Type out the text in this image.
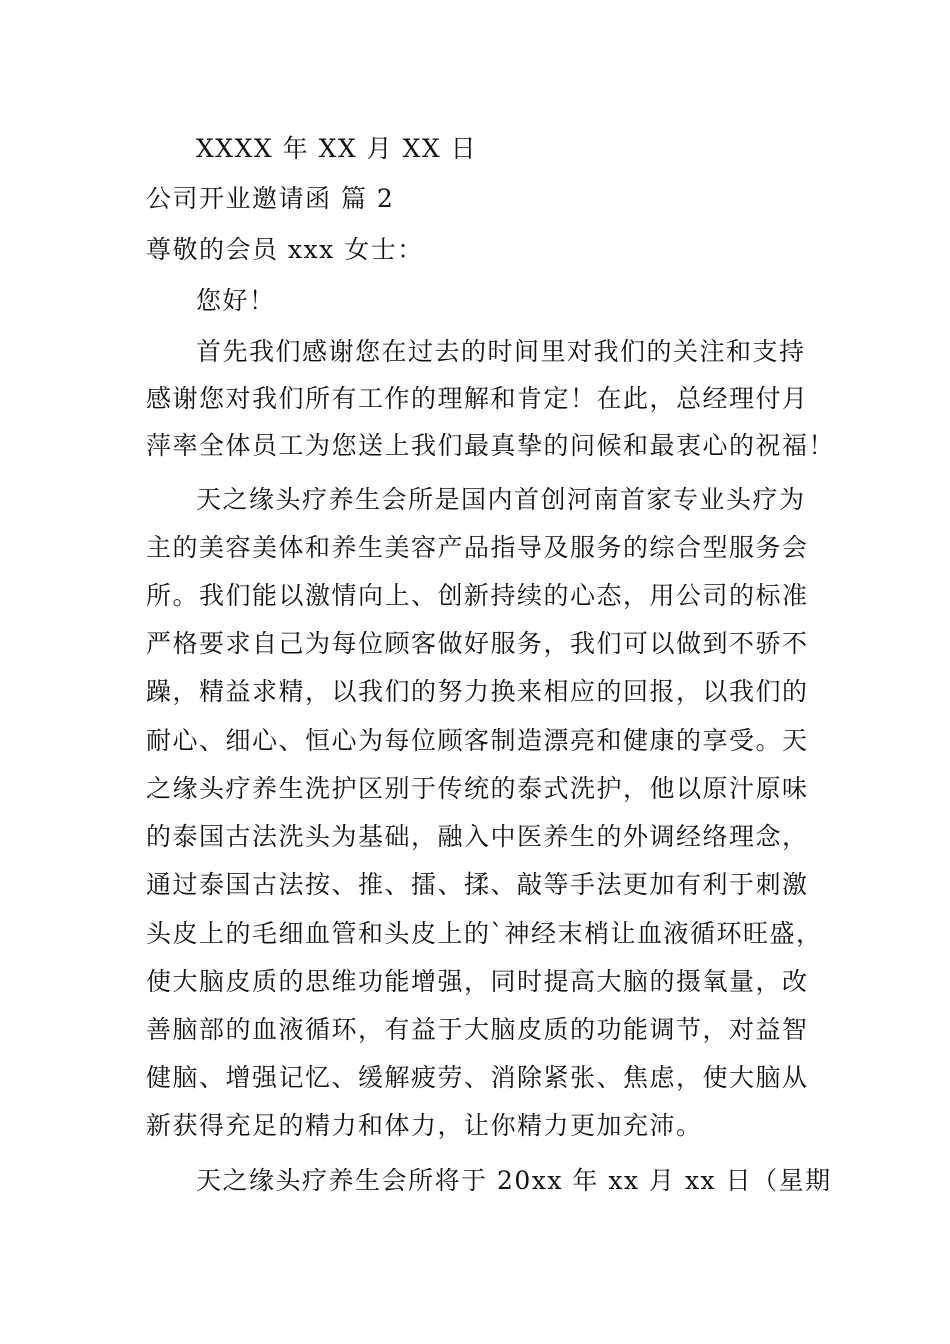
XXXX 年 XX 月 XX 日
公司开业邀请函 篇 2
尊敬的会员 xxx 女士：
您好！
首先我们感谢您在过去的时间里对我们的关注和支持
感谢您对我们所有工作的理解和肯定！在此，总经理付月
萍率全体员工为您送上我们最真挚的问候和最衷心的祝福！
天之缘头疗养生会所是国内首创河南首家专业头疗为
主的美容美体和养生美容产品指导及服务的综合型服务会
所。我们能以激情向上、创新持续的心态，用公司的标准
严格要求自己为每位顾客做好服务，我们可以做到不骄不
躁，精益求精，以我们的努力换来相应的回报，以我们的
耐心、细心、恒心为每位顾客制造漂亮和健康的享受。天
之缘头疗养生洗护区别于传统的泰式洗护，他以原汁原味
的泰国古法洗头为基础，融入中医养生的外调经络理念，
通过泰国古法按、推、擂、揉、敲等手法更加有利于刺激
头皮上的毛细血管和头皮上的`神经末梢让血液循环旺盛，
使大脑皮质的思维功能增强，同时提高大脑的摄氧量，改
善脑部的血液循环，有益于大脑皮质的功能调节，对益智
健脑、增强记忆、缓解疲劳、消除紧张、焦虑，使大脑从
新获得充足的精力和体力，让你精力更加充沛。
天之缘头疗养生会所将于 20xx 年 xx 月 xx 日（星期
